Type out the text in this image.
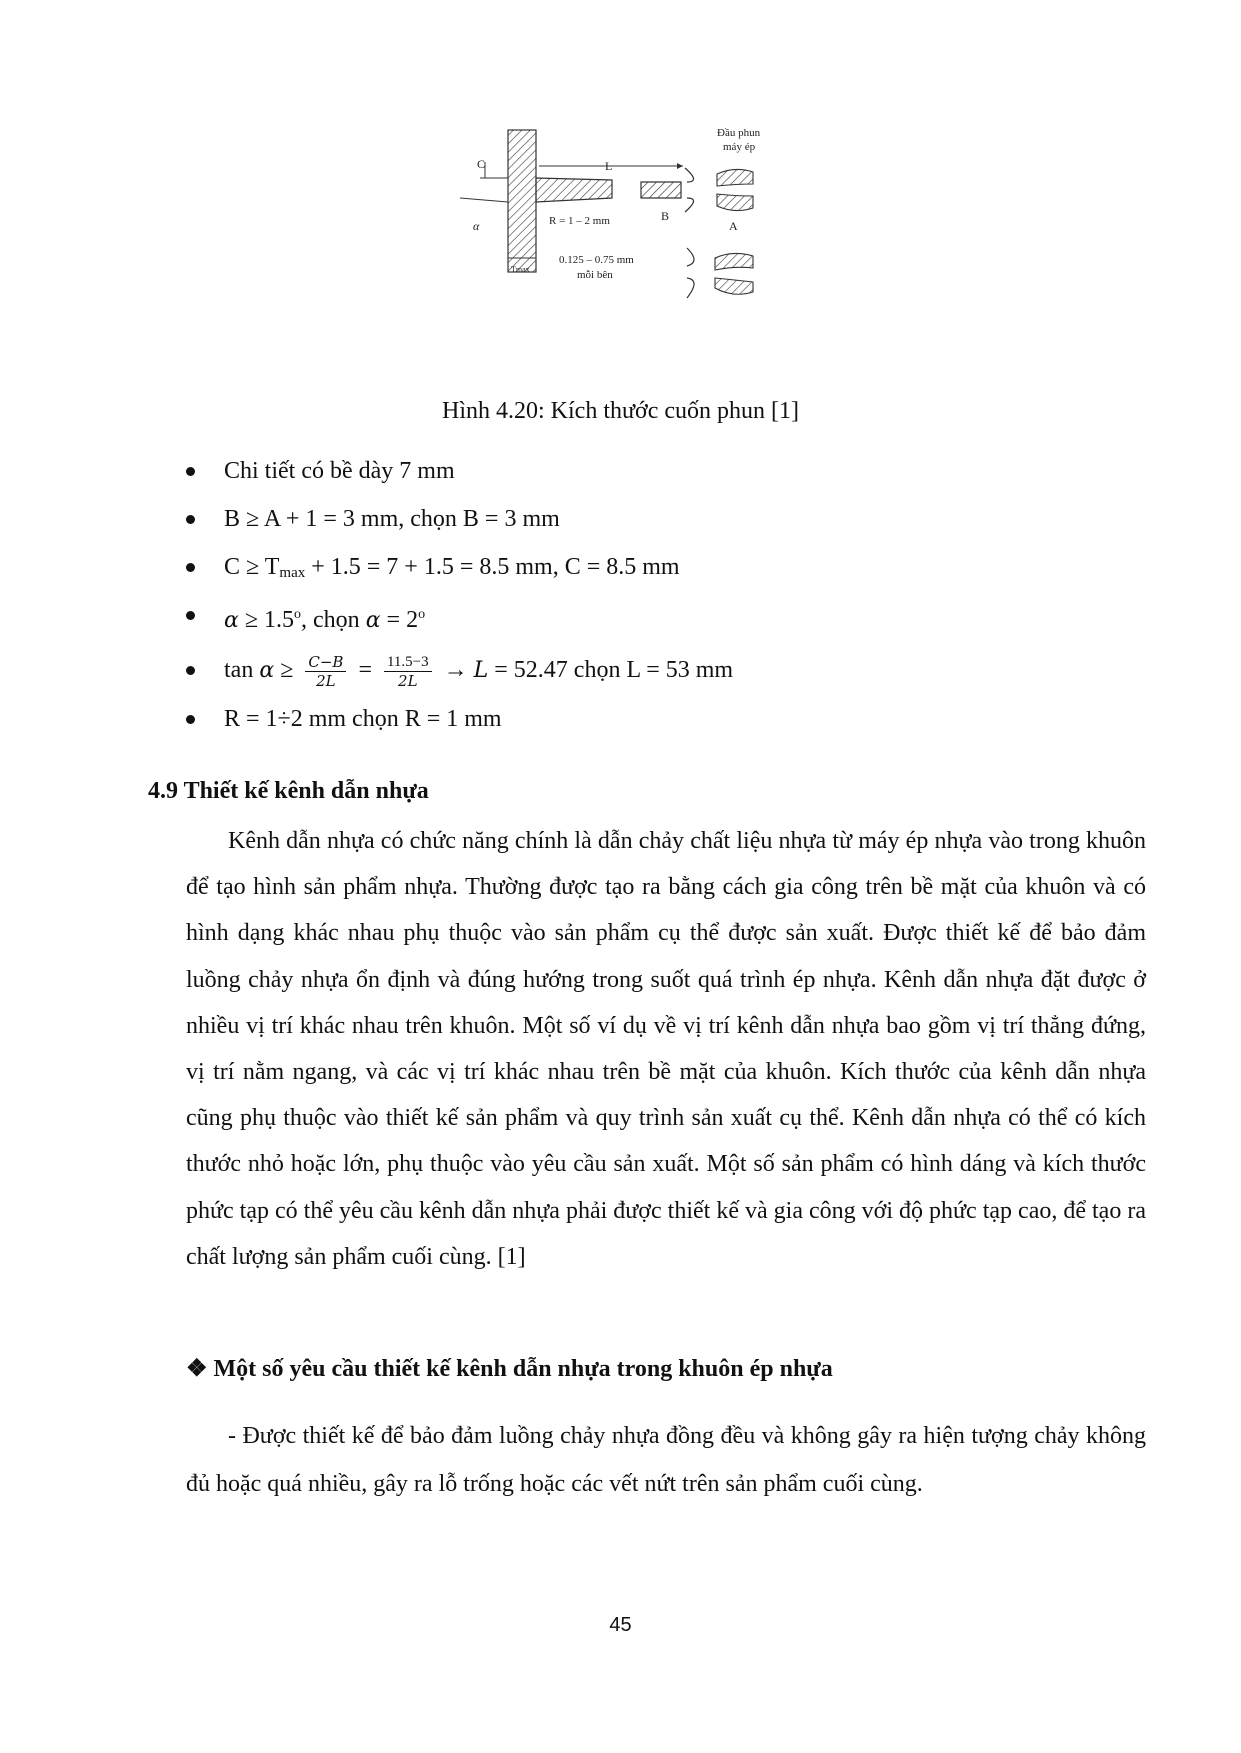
C
α
L
R = 1 – 2 mm
Tmax
B
A
Đầu phun
máy ép
0.125 – 0.75 mm
mỗi bên
Hình 4.20: Kích thước cuốn phun [1]
Chi tiết có bề dày 7 mm
B ≥ A + 1 = 3 mm, chọn B = 3 mm
$C \ge T_{max} + 1.5 = 7 + 1.5 = 8.5$ mm, C = 8.5 mm
$\alpha \ge 1.5^o$, chọn $\alpha = 2^o$
$\tan \alpha \ge \frac{C-B}{2L} = \frac{11.5-3}{2L} \to L = 52.47$ chọn L = 53 mm
R = 1÷2 mm chọn R = 1 mm
4.9 Thiết kế kênh dẫn nhựa

Kênh dẫn nhựa có chức năng chính là dẫn chảy chất liệu nhựa từ máy ép nhựa vào trong khuôn để tạo hình sản phẩm nhựa. Thường được tạo ra bằng cách gia công trên bề mặt của khuôn và có hình dạng khác nhau phụ thuộc vào sản phẩm cụ thể được sản xuất. Được thiết kế để bảo đảm luồng chảy nhựa ổn định và đúng hướng trong suốt quá trình ép nhựa. Kênh dẫn nhựa đặt được ở nhiều vị trí khác nhau trên khuôn. Một số ví dụ về vị trí kênh dẫn nhựa bao gồm vị trí thẳng đứng, vị trí nằm ngang, và các vị trí khác nhau trên bề mặt của khuôn. Kích thước của kênh dẫn nhựa cũng phụ thuộc vào thiết kế sản phẩm và quy trình sản xuất cụ thể. Kênh dẫn nhựa có thể có kích thước nhỏ hoặc lớn, phụ thuộc vào yêu cầu sản xuất. Một số sản phẩm có hình dáng và kích thước phức tạp có thể yêu cầu kênh dẫn nhựa phải được thiết kế và gia công với độ phức tạp cao, để tạo ra chất lượng sản phẩm cuối cùng. [1]

❖ Một số yêu cầu thiết kế kênh dẫn nhựa trong khuôn ép nhựa

- Được thiết kế để bảo đảm luồng chảy nhựa đồng đều và không gây ra hiện tượng chảy không đủ hoặc quá nhiều, gây ra lỗ trống hoặc các vết nứt trên sản phẩm cuối cùng.

45
